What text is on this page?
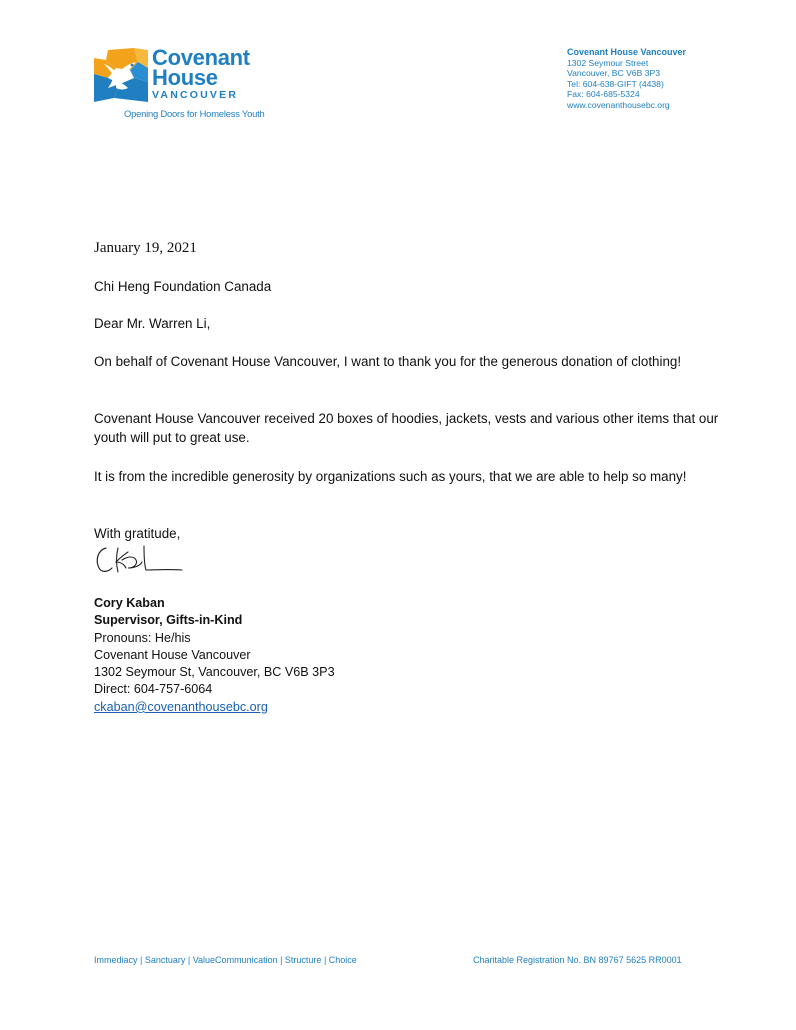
Covenant
House
VANCOUVER
Opening Doors for Homeless Youth
Covenant House Vancouver
1302 Seymour Street
Vancouver, BC V6B 3P3
Tel: 604-638-GIFT (4438)
Fax: 604-685-5324
www.covenanthousebc.org
January 19, 2021
Chi Heng Foundation Canada
Dear Mr. Warren Li,
On behalf of Covenant House Vancouver, I want to thank you for the generous donation of clothing!
Covenant House Vancouver received 20 boxes of hoodies, jackets, vests and various other items that our youth will put to great use.
It is from the incredible generosity by organizations such as yours, that we are able to help so many!
With gratitude,
Cory Kaban
Supervisor, Gifts-in-Kind
Pronouns: He/his
Covenant House Vancouver
1302 Seymour St, Vancouver, BC V6B 3P3
Direct: 604-757-6064
ckaban@covenanthousebc.org
Immediacy | Sanctuary | ValueCommunication | Structure | Choice	Charitable Registration No. BN 89767 5625 RR0001
